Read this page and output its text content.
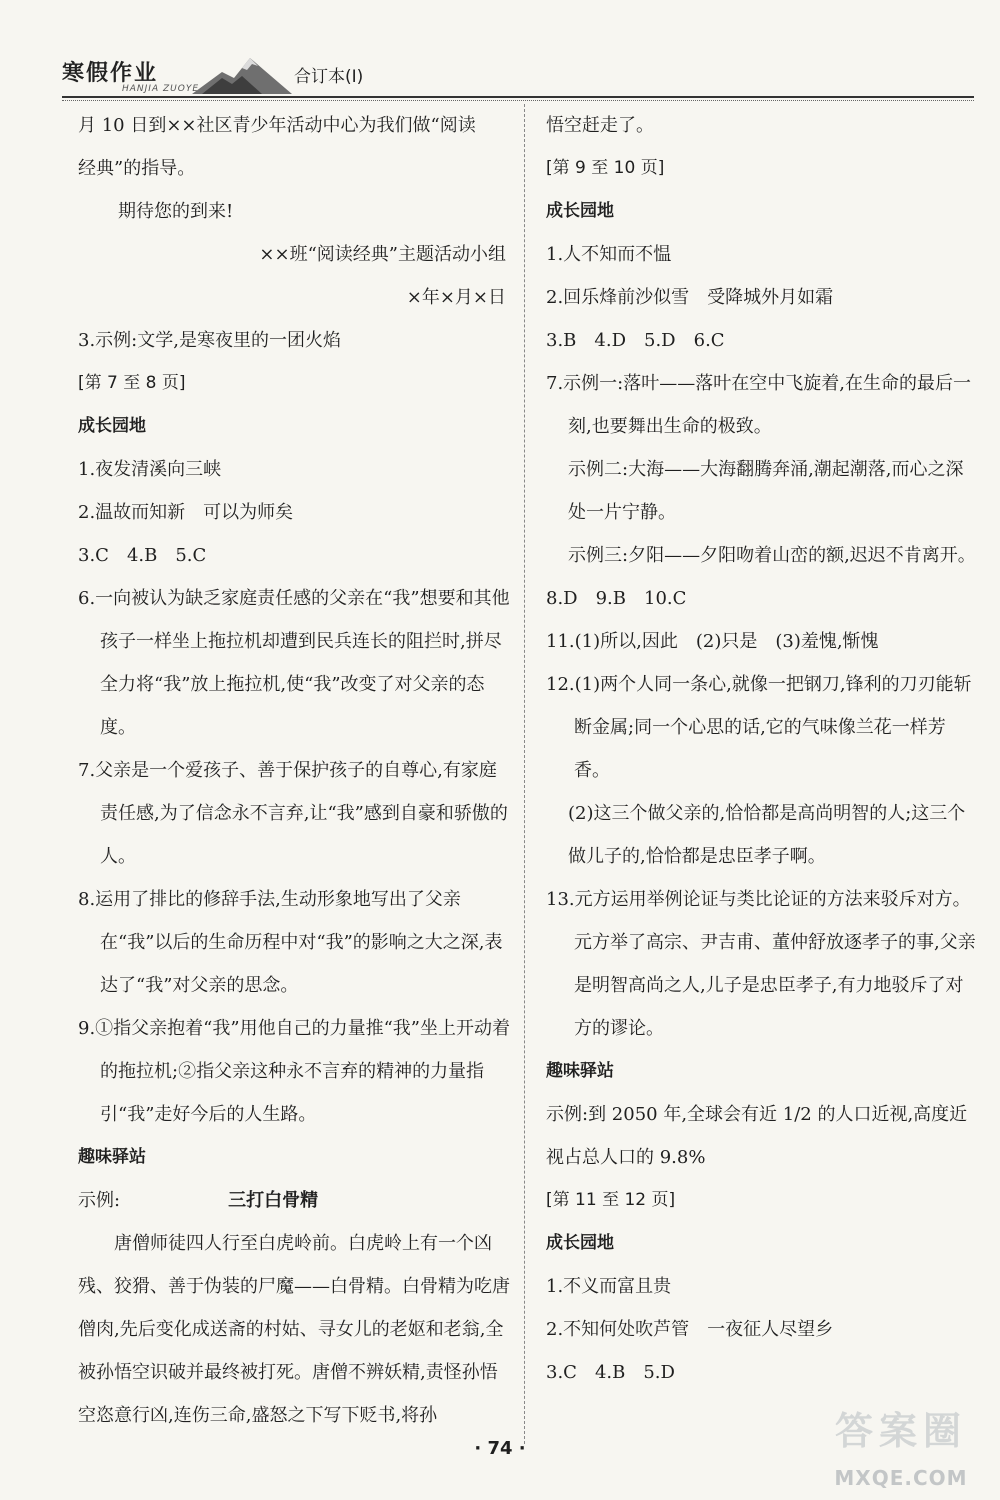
寒假作业
HANJIA ZUOYE
合订本(Ⅰ)

月 10 日到××社区青少年活动中心为我们做“阅读

经典”的指导。

期待您的到来!

××班“阅读经典”主题活动小组

×年×月×日

3.示例:文学,是寒夜里的一团火焰

[第 7 至 8 页]

成长园地

1.夜发清溪向三峡

2.温故而知新　可以为师矣

3.C　4.B　5.C

6.一向被认为缺乏家庭责任感的父亲在“我”想要和其他孩子一样坐上拖拉机却遭到民兵连长的阻拦时,拼尽全力将“我”放上拖拉机,使“我”改变了对父亲的态度。

7.父亲是一个爱孩子、善于保护孩子的自尊心,有家庭责任感,为了信念永不言弃,让“我”感到自豪和骄傲的人。

8.运用了排比的修辞手法,生动形象地写出了父亲在“我”以后的生命历程中对“我”的影响之大之深,表达了“我”对父亲的思念。

9.①指父亲抱着“我”用他自己的力量推“我”坐上开动着的拖拉机;②指父亲这种永不言弃的精神的力量指引“我”走好今后的人生路。

趣味驿站

示例:	三打白骨精

唐僧师徒四人行至白虎岭前。白虎岭上有一个凶残、狡猾、善于伪装的尸魔——白骨精。白骨精为吃唐僧肉,先后变化成送斋的村姑、寻女儿的老妪和老翁,全被孙悟空识破并最终被打死。唐僧不辨妖精,责怪孙悟空恣意行凶,连伤三命,盛怒之下写下贬书,将孙

悟空赶走了。

[第 9 至 10 页]

成长园地

1.人不知而不愠

2.回乐烽前沙似雪　受降城外月如霜

3.B　4.D　5.D　6.C

7.示例一:落叶——落叶在空中飞旋着,在生命的最后一刻,也要舞出生命的极致。

示例二:大海——大海翻腾奔涌,潮起潮落,而心之深处一片宁静。

示例三:夕阳——夕阳吻着山峦的额,迟迟不肯离开。

8.D　9.B　10.C

11.(1)所以,因此　(2)只是　(3)羞愧,惭愧

12.(1)两个人同一条心,就像一把钢刀,锋利的刀刃能斩断金属;同一个心思的话,它的气味像兰花一样芳香。

(2)这三个做父亲的,恰恰都是高尚明智的人;这三个做儿子的,恰恰都是忠臣孝子啊。

13.元方运用举例论证与类比论证的方法来驳斥对方。

元方举了高宗、尹吉甫、董仲舒放逐孝子的事,父亲是明智高尚之人,儿子是忠臣孝子,有力地驳斥了对方的谬论。

趣味驿站

示例:到 2050 年,全球会有近 1/2 的人口近视,高度近视占总人口的 9.8%

[第 11 至 12 页]

成长园地

1.不义而富且贵

2.不知何处吹芦管　一夜征人尽望乡

3.C　4.B　5.D

· 74 ·	答案圈
MXQE.COM
